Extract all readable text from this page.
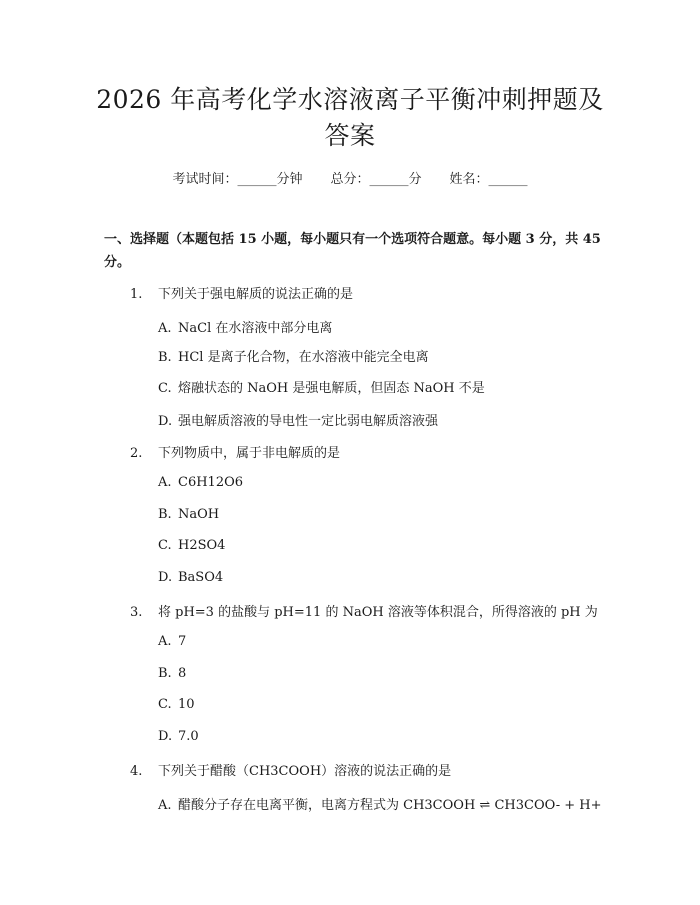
2026 年高考化学水溶液离子平衡冲刺押题及
答案
考试时间：______分钟 总分：______分 姓名：______
一、选择题（本题包括 15 小题，每小题只有一个选项符合题意。每小题 3 分，共 45 分。
1. 下列关于强电解质的说法正确的是
A. NaCl 在水溶液中部分电离
B. HCl 是离子化合物，在水溶液中能完全电离
C. 熔融状态的 NaOH 是强电解质，但固态 NaOH 不是
D. 强电解质溶液的导电性一定比弱电解质溶液强
2. 下列物质中，属于非电解质的是
A. C6H12O6
B. NaOH
C. H2SO4
D. BaSO4
3. 将 pH=3 的盐酸与 pH=11 的 NaOH 溶液等体积混合，所得溶液的 pH 为
A. 7
B. 8
C. 10
D. 7.0
4. 下列关于醋酸（CH3COOH）溶液的说法正确的是
A. 醋酸分子存在电离平衡，电离方程式为 CH3COOH ⇌ CH3COO- + H+
